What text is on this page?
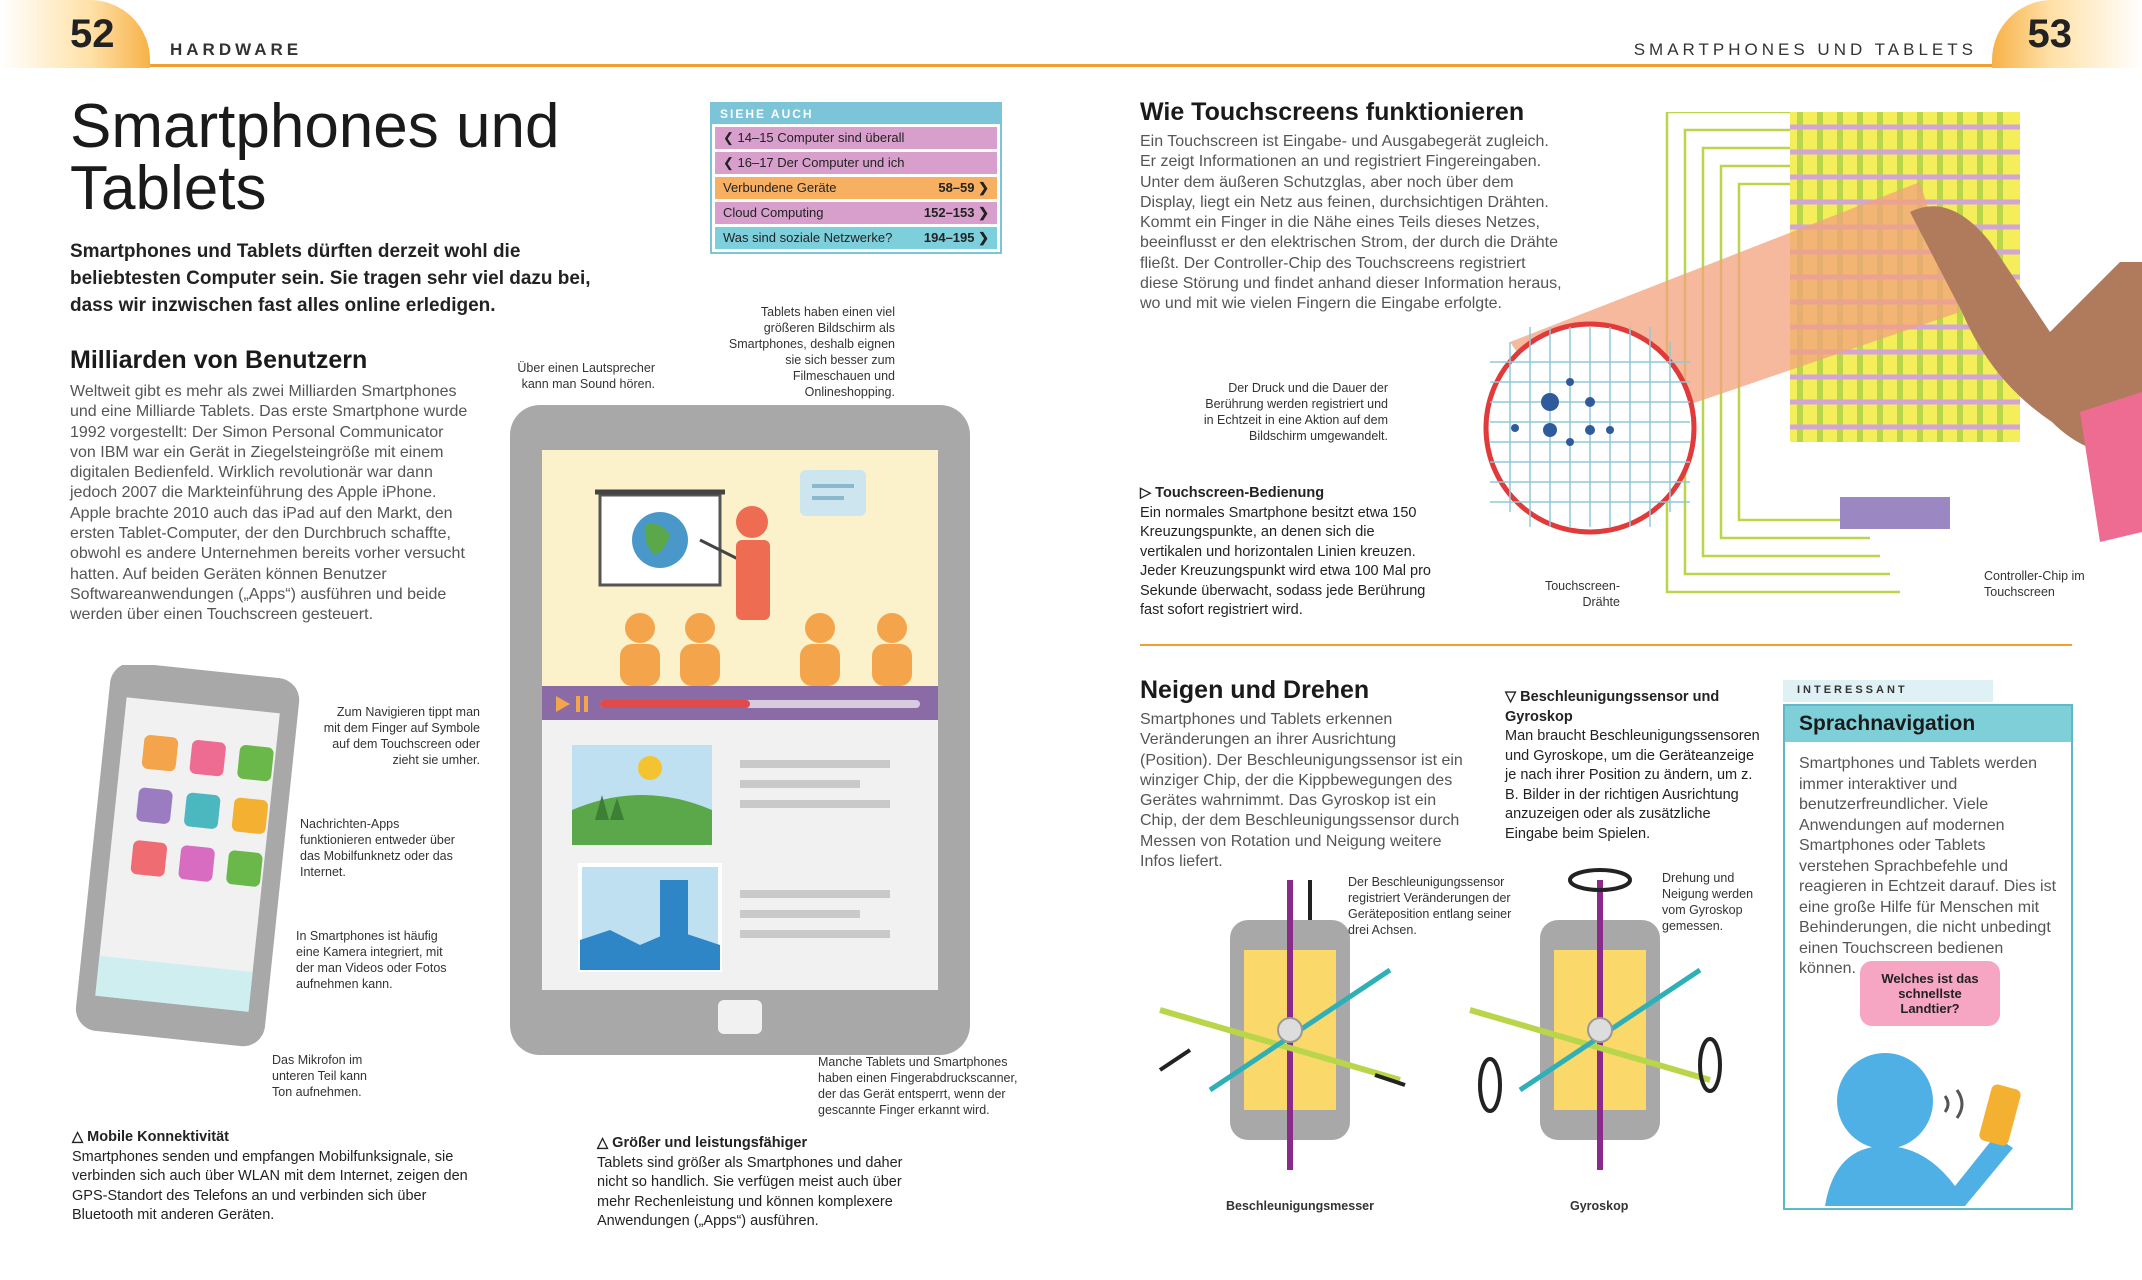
52	HARDWARE	SMARTPHONES UND TABLETS	53
Smartphones und
Tablets

Smartphones und Tablets dürften derzeit wohl die beliebtesten Computer sein. Sie tragen sehr viel dazu bei, dass wir inzwischen fast alles online erledigen.

SIEHE AUCH
❮ 14–15 Computer sind überall
❮ 16–17 Der Computer und ich
Verbundene Geräte	58–59 ❯
Cloud Computing	152–153 ❯
Was sind soziale Netzwerke? 194–195 ❯
Milliarden von Benutzern

Weltweit gibt es mehr als zwei Milliarden Smartphones und eine Milliarde Tablets. Das erste Smartphone wurde 1992 vorgestellt: Der Simon Personal Communicator von IBM war ein Gerät in Ziegelsteingröße mit einem digitalen Bedienfeld. Wirklich revolutionär war dann jedoch 2007 die Markteinführung des Apple iPhone. Apple brachte 2010 auch das iPad auf den Markt, den ersten Tablet-Computer, der den Durchbruch schaffte, obwohl es andere Unternehmen bereits vorher versucht hatten. Auf beiden Geräten können Benutzer Softwareanwendungen („Apps“) ausführen und beide werden über einen Touchscreen gesteuert.

Über einen Lautsprecher kann man Sound hören.
Tablets haben einen viel größeren Bildschirm als Smartphones, deshalb eignen sie sich besser zum Filmeschauen und Onlineshopping.
Zum Navigieren tippt man mit dem Finger auf Symbole auf dem Touchscreen oder zieht sie umher.
Nachrichten-Apps funktionieren entweder über das Mobilfunknetz oder das Internet.
In Smartphones ist häufig eine Kamera integriert, mit der man Videos oder Fotos aufnehmen kann.
Das Mikrofon im unteren Teil kann Ton aufnehmen.
Manche Tablets und Smartphones haben einen Fingerabdruckscanner, der das Gerät entsperrt, wenn der gescannte Finger erkannt wird.
△ Mobile Konnektivität
Smartphones senden und empfangen Mobilfunksignale, sie verbinden sich auch über WLAN mit dem Internet, zeigen den GPS-Standort des Telefons an und verbinden sich über Bluetooth mit anderen Geräten.
△ Größer und leistungsfähiger
Tablets sind größer als Smartphones und daher nicht so handlich. Sie verfügen meist auch über mehr Rechenleistung und können komplexere Anwendungen („Apps“) ausführen.
Wie Touchscreens funktionieren

Ein Touchscreen ist Eingabe- und Ausgabegerät zugleich. Er zeigt Informationen an und registriert Fingereingaben. Unter dem äußeren Schutzglas, aber noch über dem Display, liegt ein Netz aus feinen, durchsichtigen Drähten. Kommt ein Finger in die Nähe eines Teils dieses Netzes, beeinflusst er den elektrischen Strom, der durch die Drähte fließt. Der Controller-Chip des Touchscreens registriert diese Störung und findet anhand dieser Information heraus, wo und mit wie vielen Fingern die Eingabe erfolgte.

Der Druck und die Dauer der Berührung werden registriert und in Echtzeit in eine Aktion auf dem Bildschirm umgewandelt.
▷ Touchscreen-Bedienung
Ein normales Smartphone besitzt etwa 150 Kreuzungspunkte, an denen sich die vertikalen und horizontalen Linien kreuzen. Jeder Kreuzungspunkt wird etwa 100 Mal pro Sekunde überwacht, sodass jede Berührung fast sofort registriert wird.
Touchscreen-Drähte
Controller-Chip im Touchscreen
Neigen und Drehen

Smartphones und Tablets erkennen Veränderungen an ihrer Ausrichtung (Position). Der Beschleunigungssensor ist ein winziger Chip, der die Kippbewegungen des Gerätes wahrnimmt. Das Gyroskop ist ein Chip, der dem Beschleunigungssensor durch Messen von Rotation und Neigung weitere Infos liefert.

▽ Beschleunigungssensor und Gyroskop
Man braucht Beschleunigungssensoren und Gyroskope, um die Geräteanzeige je nach ihrer Position zu ändern, um z. B. Bilder in der richtigen Ausrichtung anzuzeigen oder als zusätzliche Eingabe beim Spielen.
Der Beschleunigungssensor registriert Veränderungen der Geräteposition entlang seiner drei Achsen.
Drehung und Neigung werden vom Gyroskop gemessen.
Beschleunigungsmesser	Gyroskop
INTERESSANT
Sprachnavigation
Smartphones und Tablets werden immer interaktiver und benutzerfreundlicher. Viele Anwendungen auf modernen Smartphones oder Tablets verstehen Sprachbefehle und reagieren in Echtzeit darauf. Dies ist eine große Hilfe für Menschen mit Behinderungen, die nicht unbedingt einen Touchscreen bedienen können.
Welches ist das schnellste Landtier?
